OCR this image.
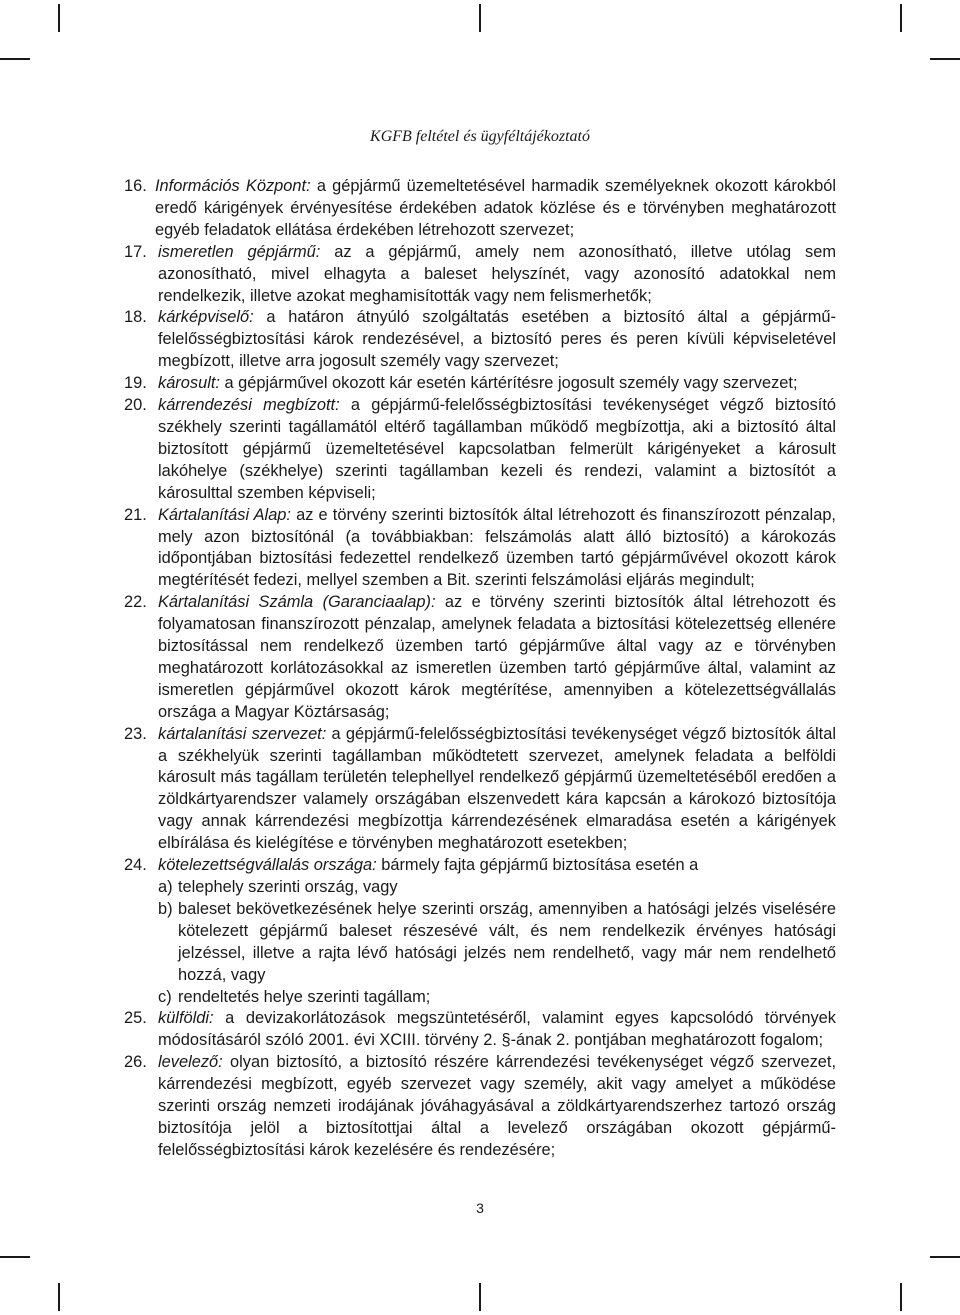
KGFB feltétel és ügyféltájékoztató
16. Információs Központ: a gépjármű üzemeltetésével harmadik személyeknek okozott károkból eredő kárigények érvényesítése érdekében adatok közlése és e törvényben meghatározott egyéb feladatok ellátása érdekében létrehozott szervezet;
17. ismeretlen gépjármű: az a gépjármű, amely nem azonosítható, illetve utólag sem azonosítható, mivel elhagyta a baleset helyszínét, vagy azonosító adatokkal nem rendelkezik, illetve azokat meghamisították vagy nem felismerhetők;
18. kárképviselő: a határon átnyúló szolgáltatás esetében a biztosító által a gépjármű-felelősségbiztosítási károk rendezésével, a biztosító peres és peren kívüli képviseletével megbízott, illetve arra jogosult személy vagy szervezet;
19. károsult: a gépjárművel okozott kár esetén kártérítésre jogosult személy vagy szervezet;
20. kárrendezési megbízott: a gépjármű-felelősségbiztosítási tevékenységet végző biztosító székhely szerinti tagállamától eltérő tagállamban működő megbízottja, aki a biztosító által biztosított gépjármű üzemeltetésével kapcsolatban felmerült kárigényeket a károsult lakóhelye (székhelye) szerinti tagállamban kezeli és rendezi, valamint a biztosítót a károsulttal szemben képviseli;
21. Kártalanítási Alap: az e törvény szerinti biztosítók által létrehozott és finanszírozott pénzalap, mely azon biztosítónál (a továbbiakban: felszámolás alatt álló biztosító) a károkozás időpontjában biztosítási fedezettel rendelkező üzemben tartó gépjárművével okozott károk megtérítését fedezi, mellyel szemben a Bit. szerinti felszámolási eljárás megindult;
22. Kártalanítási Számla (Garanciaalap): az e törvény szerinti biztosítók által létrehozott és folyamatosan finanszírozott pénzalap, amelynek feladata a biztosítási kötelezettség ellenére biztosítással nem rendelkező üzemben tartó gépjárműve által vagy az e törvényben meghatározott korlátozásokkal az ismeretlen üzemben tartó gépjárműve által, valamint az ismeretlen gépjárművel okozott károk megtérítése, amennyiben a kötelezettségvállalás országa a Magyar Köztársaság;
23. kártalanítási szervezet: a gépjármű-felelősségbiztosítási tevékenységet végző biztosítók által a székhelyük szerinti tagállamban működtetett szervezet, amelynek feladata a belföldi károsult más tagállam területén telephellyel rendelkező gépjármű üzemeltetéséből eredően a zöldkártyarendszer valamely országában elszenvedett kára kapcsán a károkozó biztosítója vagy annak kárrendezési megbízottja kárrendezésének elmaradása esetén a kárigények elbírálása és kielégítése e törvényben meghatározott esetekben;
24. kötelezettségvállalás országa: bármely fajta gépjármű biztosítása esetén a
a) telephely szerinti ország, vagy
b) baleset bekövetkezésének helye szerinti ország, amennyiben a hatósági jelzés viselésére kötelezett gépjármű baleset részesévé vált, és nem rendelkezik érvényes hatósági jelzéssel, illetve a rajta lévő hatósági jelzés nem rendelhető, vagy már nem rendelhető hozzá, vagy
c) rendeltetés helye szerinti tagállam;
25. külföldi: a devizakorlátozások megszüntetéséről, valamint egyes kapcsolódó törvények módosításáról szóló 2001. évi XCIII. törvény 2. §-ának 2. pontjában meghatározott fogalom;
26. levelező: olyan biztosító, a biztosító részére kárrendezési tevékenységet végző szervezet, kárrendezési megbízott, egyéb szervezet vagy személy, akit vagy amelyet a működése szerinti ország nemzeti irodájának jóváhagyásával a zöldkártyarendszerhez tartozó ország biztosítója jelöl a biztosítottjai által a levelező országában okozott gépjármű-felelősségbiztosítási károk kezelésére és rendezésére;
3
